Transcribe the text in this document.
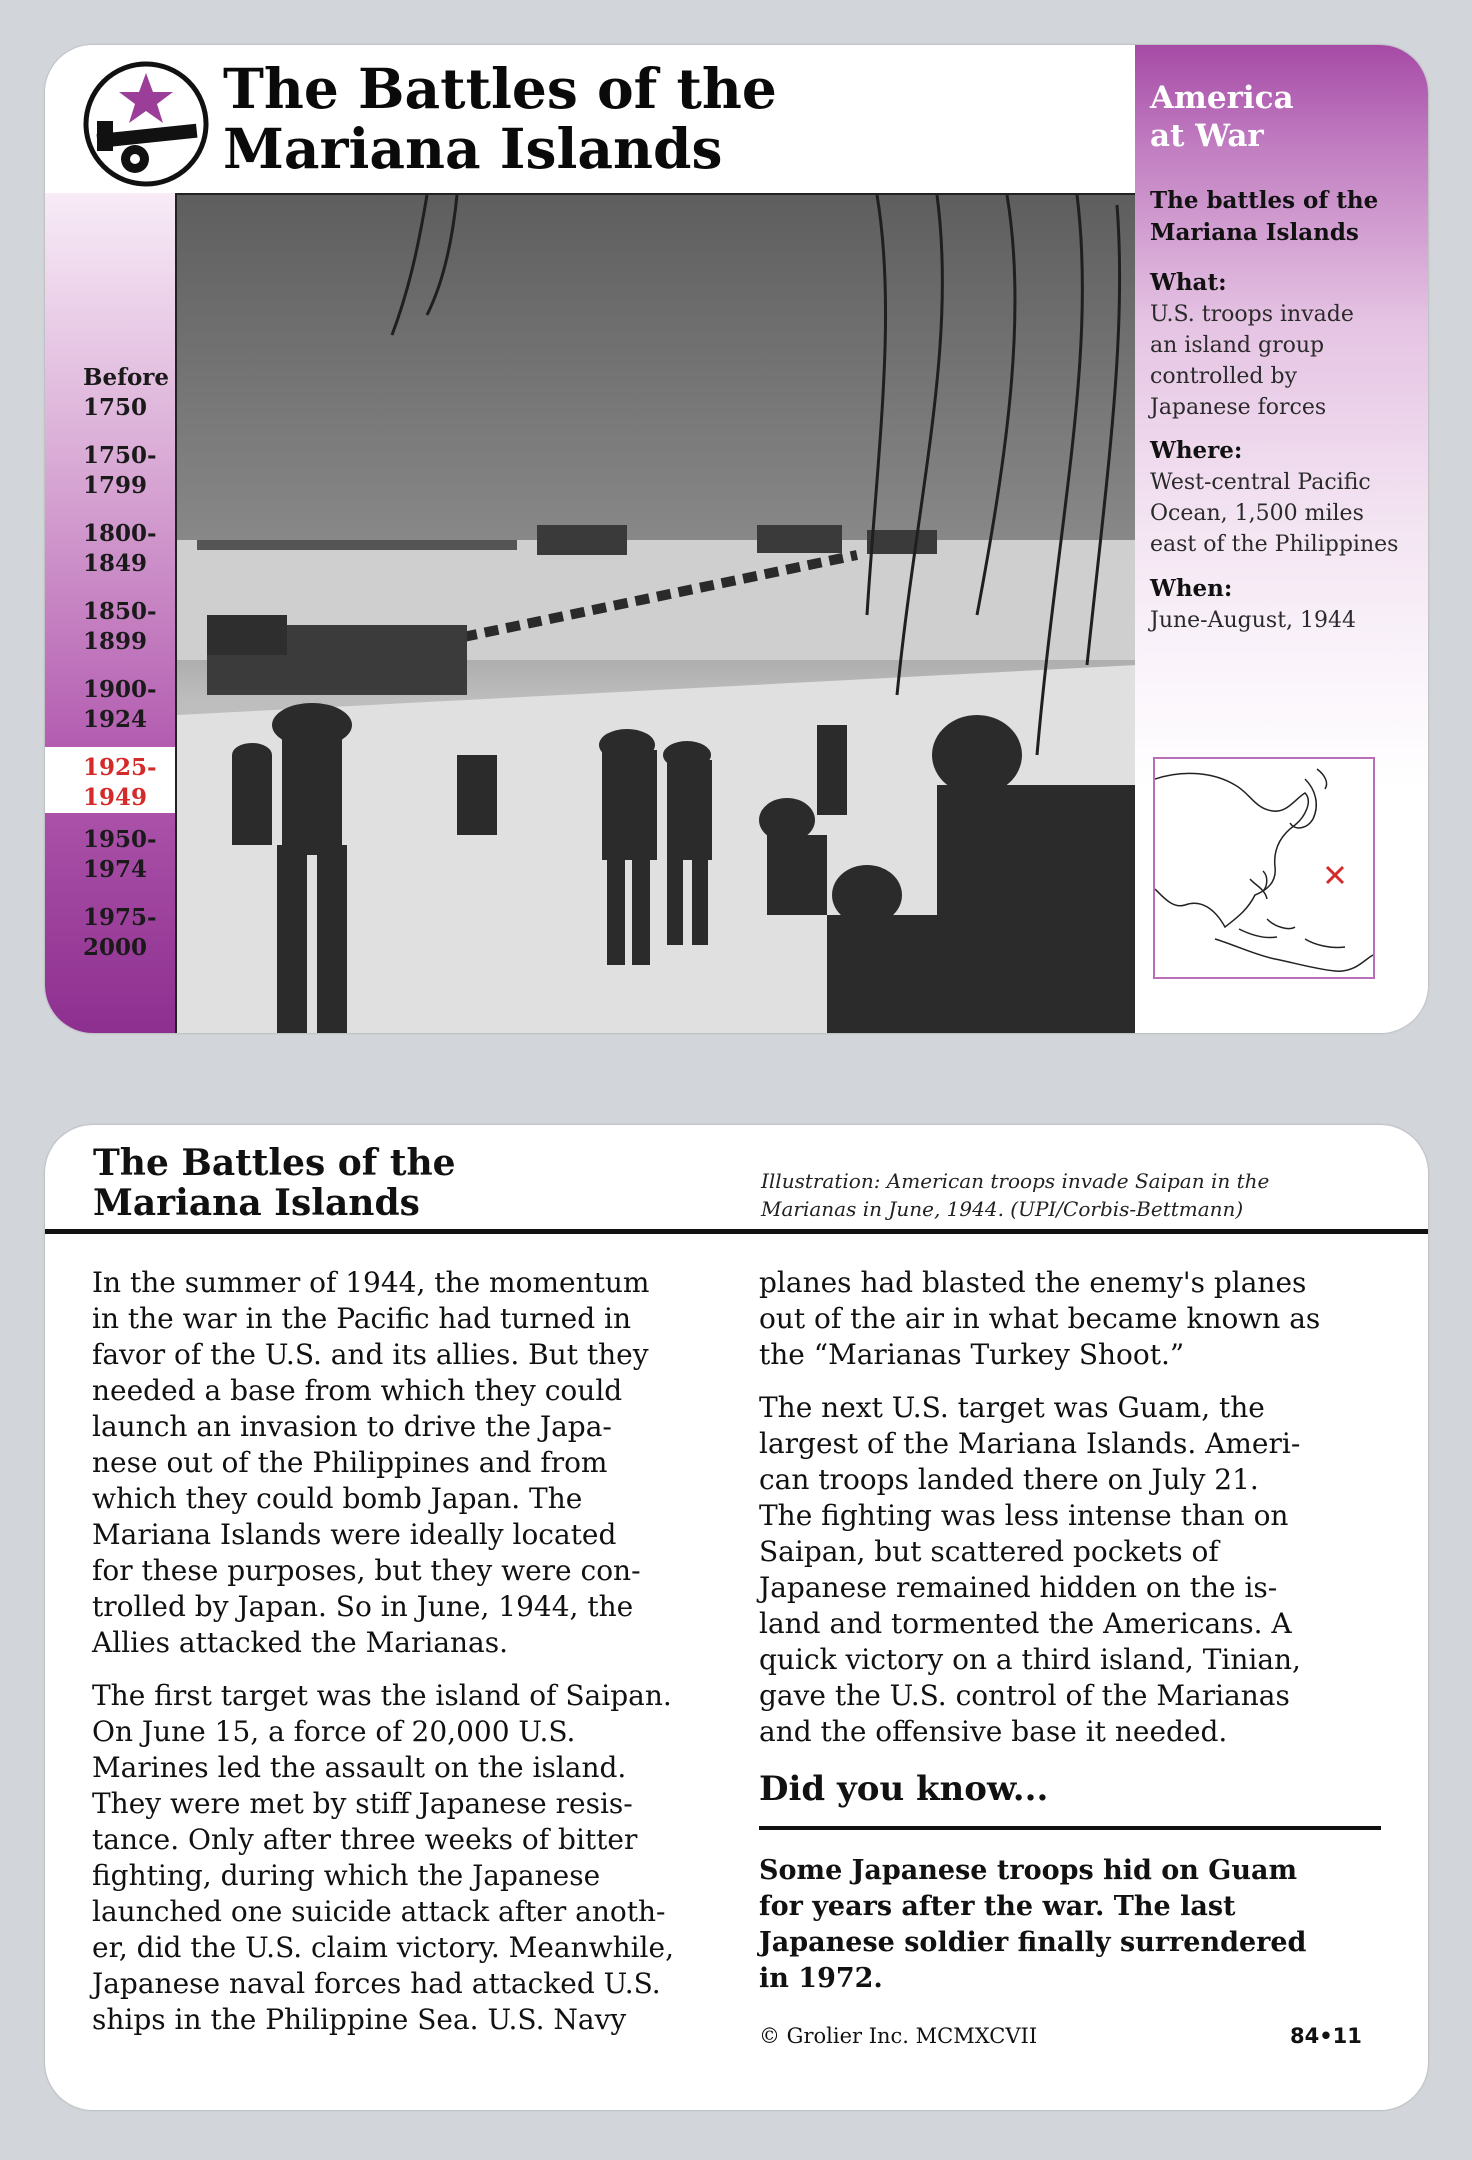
The Battles of the
Mariana Islands
Before
1750
1750-
1799
1800-
1849
1850-
1899
1900-
1924
1925-
1949
1950-
1974
1975-
2000
America
at War
The battles of the
Mariana Islands
What:
U.S. troops invade
an island group
controlled by
Japanese forces
Where:
West-central Pacific
Ocean, 1,500 miles
east of the Philippines
When:
June-August, 1944
The Battles of the
Mariana Islands
Illustration: American troops invade Saipan in the
Marianas in June, 1944. (UPI/Corbis-Bettmann)

In the summer of 1944, the momentum
in the war in the Pacific had turned in
favor of the U.S. and its allies. But they
needed a base from which they could
launch an invasion to drive the Japa-
nese out of the Philippines and from
which they could bomb Japan. The
Mariana Islands were ideally located
for these purposes, but they were con-
trolled by Japan. So in June, 1944, the
Allies attacked the Marianas.

The first target was the island of Saipan.
On June 15, a force of 20,000 U.S.
Marines led the assault on the island.
They were met by stiff Japanese resis-
tance. Only after three weeks of bitter
fighting, during which the Japanese
launched one suicide attack after anoth-
er, did the U.S. claim victory. Meanwhile,
Japanese naval forces had attacked U.S.
ships in the Philippine Sea. U.S. Navy

planes had blasted the enemy's planes
out of the air in what became known as
the “Marianas Turkey Shoot.”

The next U.S. target was Guam, the
largest of the Mariana Islands. Ameri-
can troops landed there on July 21.
The fighting was less intense than on
Saipan, but scattered pockets of
Japanese remained hidden on the is-
land and tormented the Americans. A
quick victory on a third island, Tinian,
gave the U.S. control of the Marianas
and the offensive base it needed.

Did you know...
Some Japanese troops hid on Guam
for years after the war. The last
Japanese soldier finally surrendered
in 1972.
© Grolier Inc. MCMXCVII	84•11
